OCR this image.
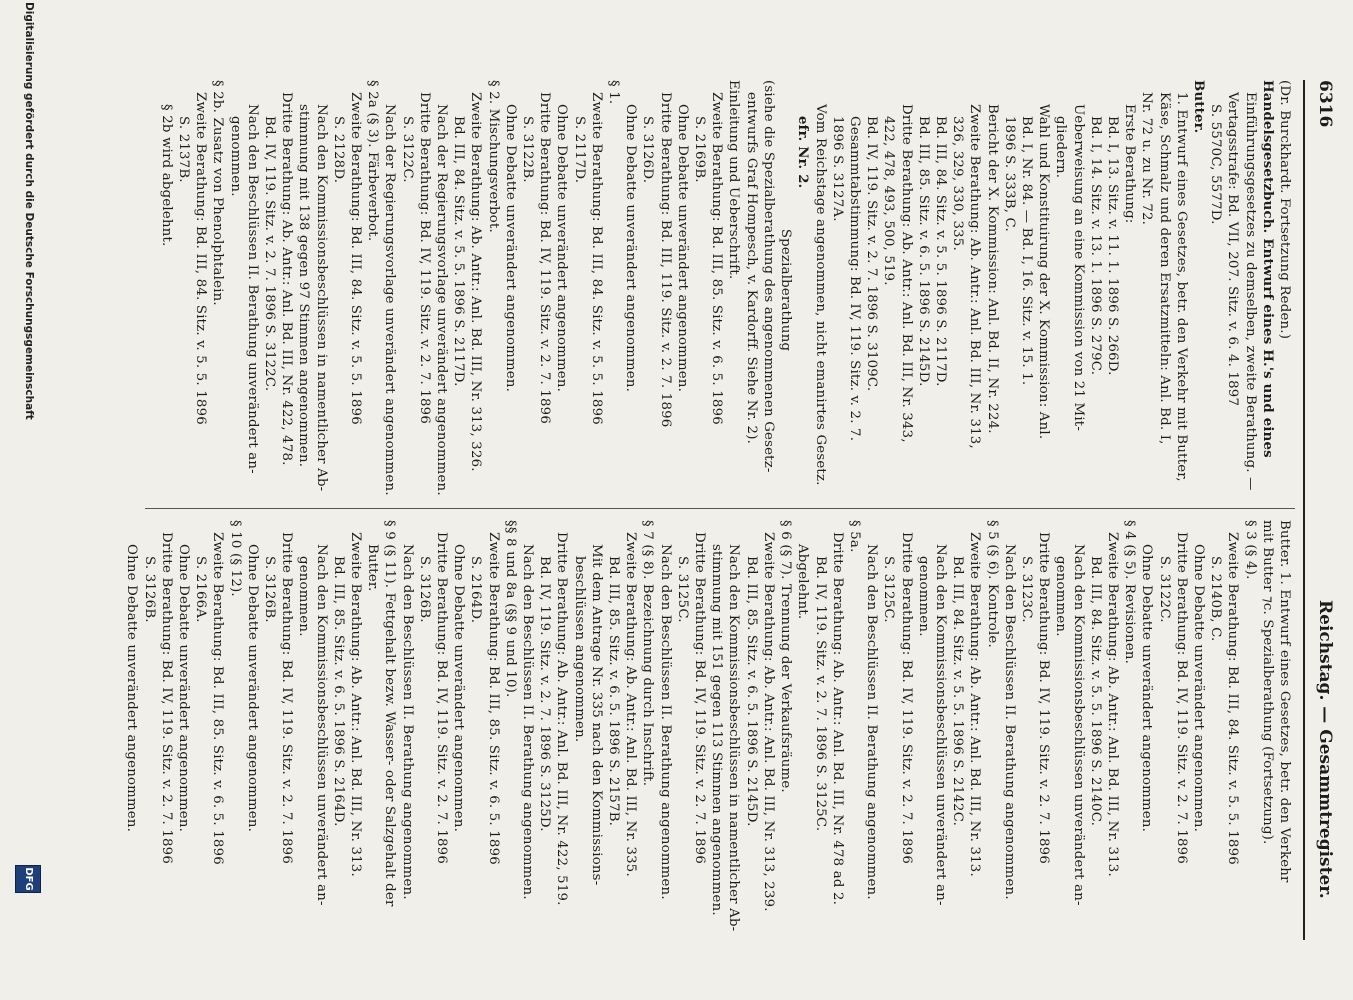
6316
Reichstag. — Gesammtregister.
(Dr. Burckhardt. Fortsetzung Reden.)
Handelsgesetzbuch. Entwurf eines H.'s und eines
Einführungsgesetzes zu demselben, zweite Berathung. —
Vertagsstrafe: Bd. VII, 207. Sitz. v. 6. 4. 1897
S. 5570C, 5577D.
Butter.
1. Entwurf eines Gesetzes, betr. den Verkehr mit Butter,
Käse, Schmalz und deren Ersatzmitteln: Anl. Bd. I,
Nr. 72 u. zu Nr. 72.
Erste Berathung:
Bd. I, 13. Sitz. v. 11. 1. 1896 S. 266D.
Bd. I, 14. Sitz. v. 13. 1. 1896 S. 279C.
Ueberweisung an eine Kommission von 21 Mit-
gliedern.
Wahl und Konstituirung der X. Kommission: Anl.
Bd. I, Nr. 84. — Bd. I, 16. Sitz. v. 15. 1.
1896 S. 333B, C.
Bericht der X. Kommission: Anl. Bd. II, Nr. 224.
Zweite Berathung: Ab. Antr.: Anl. Bd. III, Nr. 313,
326, 329, 330, 335.
Bd. III, 84. Sitz. v. 5. 5. 1896 S. 2117D.
Bd. III, 85. Sitz. v. 6. 5. 1896 S. 2145D.
Dritte Berathung: Ab. Antr.: Anl. Bd. III, Nr. 343,
422, 478, 493, 500, 519.
Bd. IV, 119. Sitz. v. 2. 7. 1896 S. 3109C.
Gesammtabstimmung: Bd. IV, 119. Sitz. v. 2. 7.
1896 S. 3127A.
Vom Reichstage angenommen, nicht emanirtes Gesetz.
efr. Nr. 2.
Spezialberathung
(siehe die Spezialberathung des angenommenen Gesetz-
entwurfs Graf Hompesch, v. Kardorff. Siehe Nr. 2).
Einleitung und Ueberschrift.
Zweite Berathung: Bd. III, 85. Sitz. v. 6. 5. 1896
S. 2169B.
Ohne Debatte unverändert angenommen.
Dritte Berathung: Bd. III, 119. Sitz. v. 2. 7. 1896
S. 3126D.
Ohne Debatte unverändert angenommen.
§ 1.
Zweite Berathung: Bd. III, 84. Sitz. v. 5. 5. 1896
S. 2117D.
Ohne Debatte unverändert angenommen.
Dritte Berathung: Bd. IV, 119. Sitz. v. 2. 7. 1896
S. 3122B.
Ohne Debatte unverändert angenommen.
§ 2. Mischungsverbot.
Zweite Berathung: Ab. Antr.: Anl. Bd. III, Nr. 313, 326.
Bd. III, 84. Sitz. v. 5. 5. 1896 S. 2117D.
Nach der Regierungsvorlage unverändert angenommen.
Dritte Berathung: Bd. IV, 119. Sitz. v. 2. 7. 1896
S. 3122C.
Nach der Regierungsvorlage unverändert angenommen.
§ 2a (§ 3). Färbeverbot.
Zweite Berathung: Bd. III, 84. Sitz. v. 5. 5. 1896
S. 2128D.
Nach den Kommissionsbeschlüssen in namentlicher Ab-
stimmung mit 138 gegen 97 Stimmen angenommen.
Dritte Berathung: Ab. Antr.: Anl. Bd. III, Nr. 422, 478.
Bd. IV, 119. Sitz. v. 2. 7. 1896 S. 3122C.
Nach den Beschlüssen II. Berathung unverändert an-
genommen.
§ 2b. Zusatz von Phenolphtalein.
Zweite Berathung: Bd. III, 84. Sitz. v. 5. 5. 1896
S. 2137B.
§ 2b wird abgelehnt.
Butter. 1. Entwurf eines Gesetzes, betr. den Verkehr
mit Butter ⁊c. Spezialberathung (Fortsetzung).
§ 3 (§ 4).
Zweite Berathung: Bd. III, 84. Sitz. v. 5. 5. 1896
S. 2140B, C.
Ohne Debatte unverändert angenommen.
Dritte Berathung: Bd. IV, 119. Sitz. v. 2. 7. 1896
S. 3122C.
Ohne Debatte unverändert angenommen.
§ 4 (§ 5). Revisionen.
Zweite Berathung: Ab. Antr.: Anl. Bd. III, Nr. 313.
Bd. III, 84. Sitz. v. 5. 5. 1896 S. 2140C.
Nach den Kommissionsbeschlüssen unverändert an-
genommen.
Dritte Berathung: Bd. IV, 119. Sitz. v. 2. 7. 1896
S. 3123C.
Nach den Beschlüssen II. Berathung angenommen.
§ 5 (§ 6). Kontrole.
Zweite Berathung: Ab. Antr.: Anl. Bd. III, Nr. 313.
Bd. III, 84. Sitz. v. 5. 5. 1896 S. 2142C.
Nach den Kommissionsbeschlüssen unverändert an-
genommen.
Dritte Berathung: Bd. IV, 119. Sitz. v. 2. 7. 1896
S. 3125C.
Nach den Beschlüssen II. Berathung angenommen.
§ 5a.
Dritte Berathung: Ab. Antr.: Anl. Bd. III, Nr. 478 ad 2.
Bd. IV, 119. Sitz. v. 2. 7. 1896 S. 3125C.
Abgelehnt.
§ 6 (§ 7). Trennung der Verkaufsräume.
Zweite Berathung: Ab. Antr.: Anl. Bd. III, Nr. 313, 239.
Bd. III, 85. Sitz. v. 6. 5. 1896 S. 2145D.
Nach den Kommissionsbeschlüssen in namentlicher Ab-
stimmung mit 151 gegen 113 Stimmen angenommen.
Dritte Berathung: Bd. IV, 119. Sitz. v. 2. 7. 1896
S. 3125C.
Nach den Beschlüssen II. Berathung angenommen.
§ 7 (§ 8). Bezeichnung durch Inschrift.
Zweite Berathung: Ab. Antr.: Anl. Bd. III, Nr. 335.
Bd. III, 85. Sitz. v. 6. 5. 1896 S. 2157B.
Mit dem Antrage Nr. 335 nach den Kommissions-
beschlüssen angenommen.
Dritte Berathung: Ab. Antr.: Anl. Bd. III, Nr. 422, 519.
Bd. IV, 119. Sitz. v. 2. 7. 1896 S. 3125D.
Nach den Beschlüssen II. Berathung angenommen.
§§ 8 und 8a (§§ 9 und 10).
Zweite Berathung: Bd. III, 85. Sitz. v. 6. 5. 1896
S. 2164D.
Ohne Debatte unverändert angenommen.
Dritte Berathung: Bd. IV, 119. Sitz. v. 2. 7. 1896
S. 3126B.
Nach den Beschlüssen II. Berathung angenommen.
§ 9 (§ 11). Fettgehalt bezw. Wasser- oder Salzgehalt der
Butter.
Zweite Berathung: Ab. Antr.: Anl. Bd. III, Nr. 313.
Bd. III, 85. Sitz. v. 6. 5. 1896 S. 2164D.
Nach den Kommissionsbeschlüssen unverändert an-
genommen.
Dritte Berathung: Bd. IV, 119. Sitz. v. 2. 7. 1896
S. 3126B.
Ohne Debatte unverändert angenommen.
§ 10 (§ 12).
Zweite Berathung: Bd. III, 85. Sitz. v. 6. 5. 1896
S. 2166A.
Ohne Debatte unverändert angenommen.
Dritte Berathung: Bd. IV, 119. Sitz. v. 2. 7. 1896
S. 3126B.
Ohne Debatte unverändert angenommen.
Digitalisierung gefördert durch die Deutsche Forschungsgemeinschaft
DFG
